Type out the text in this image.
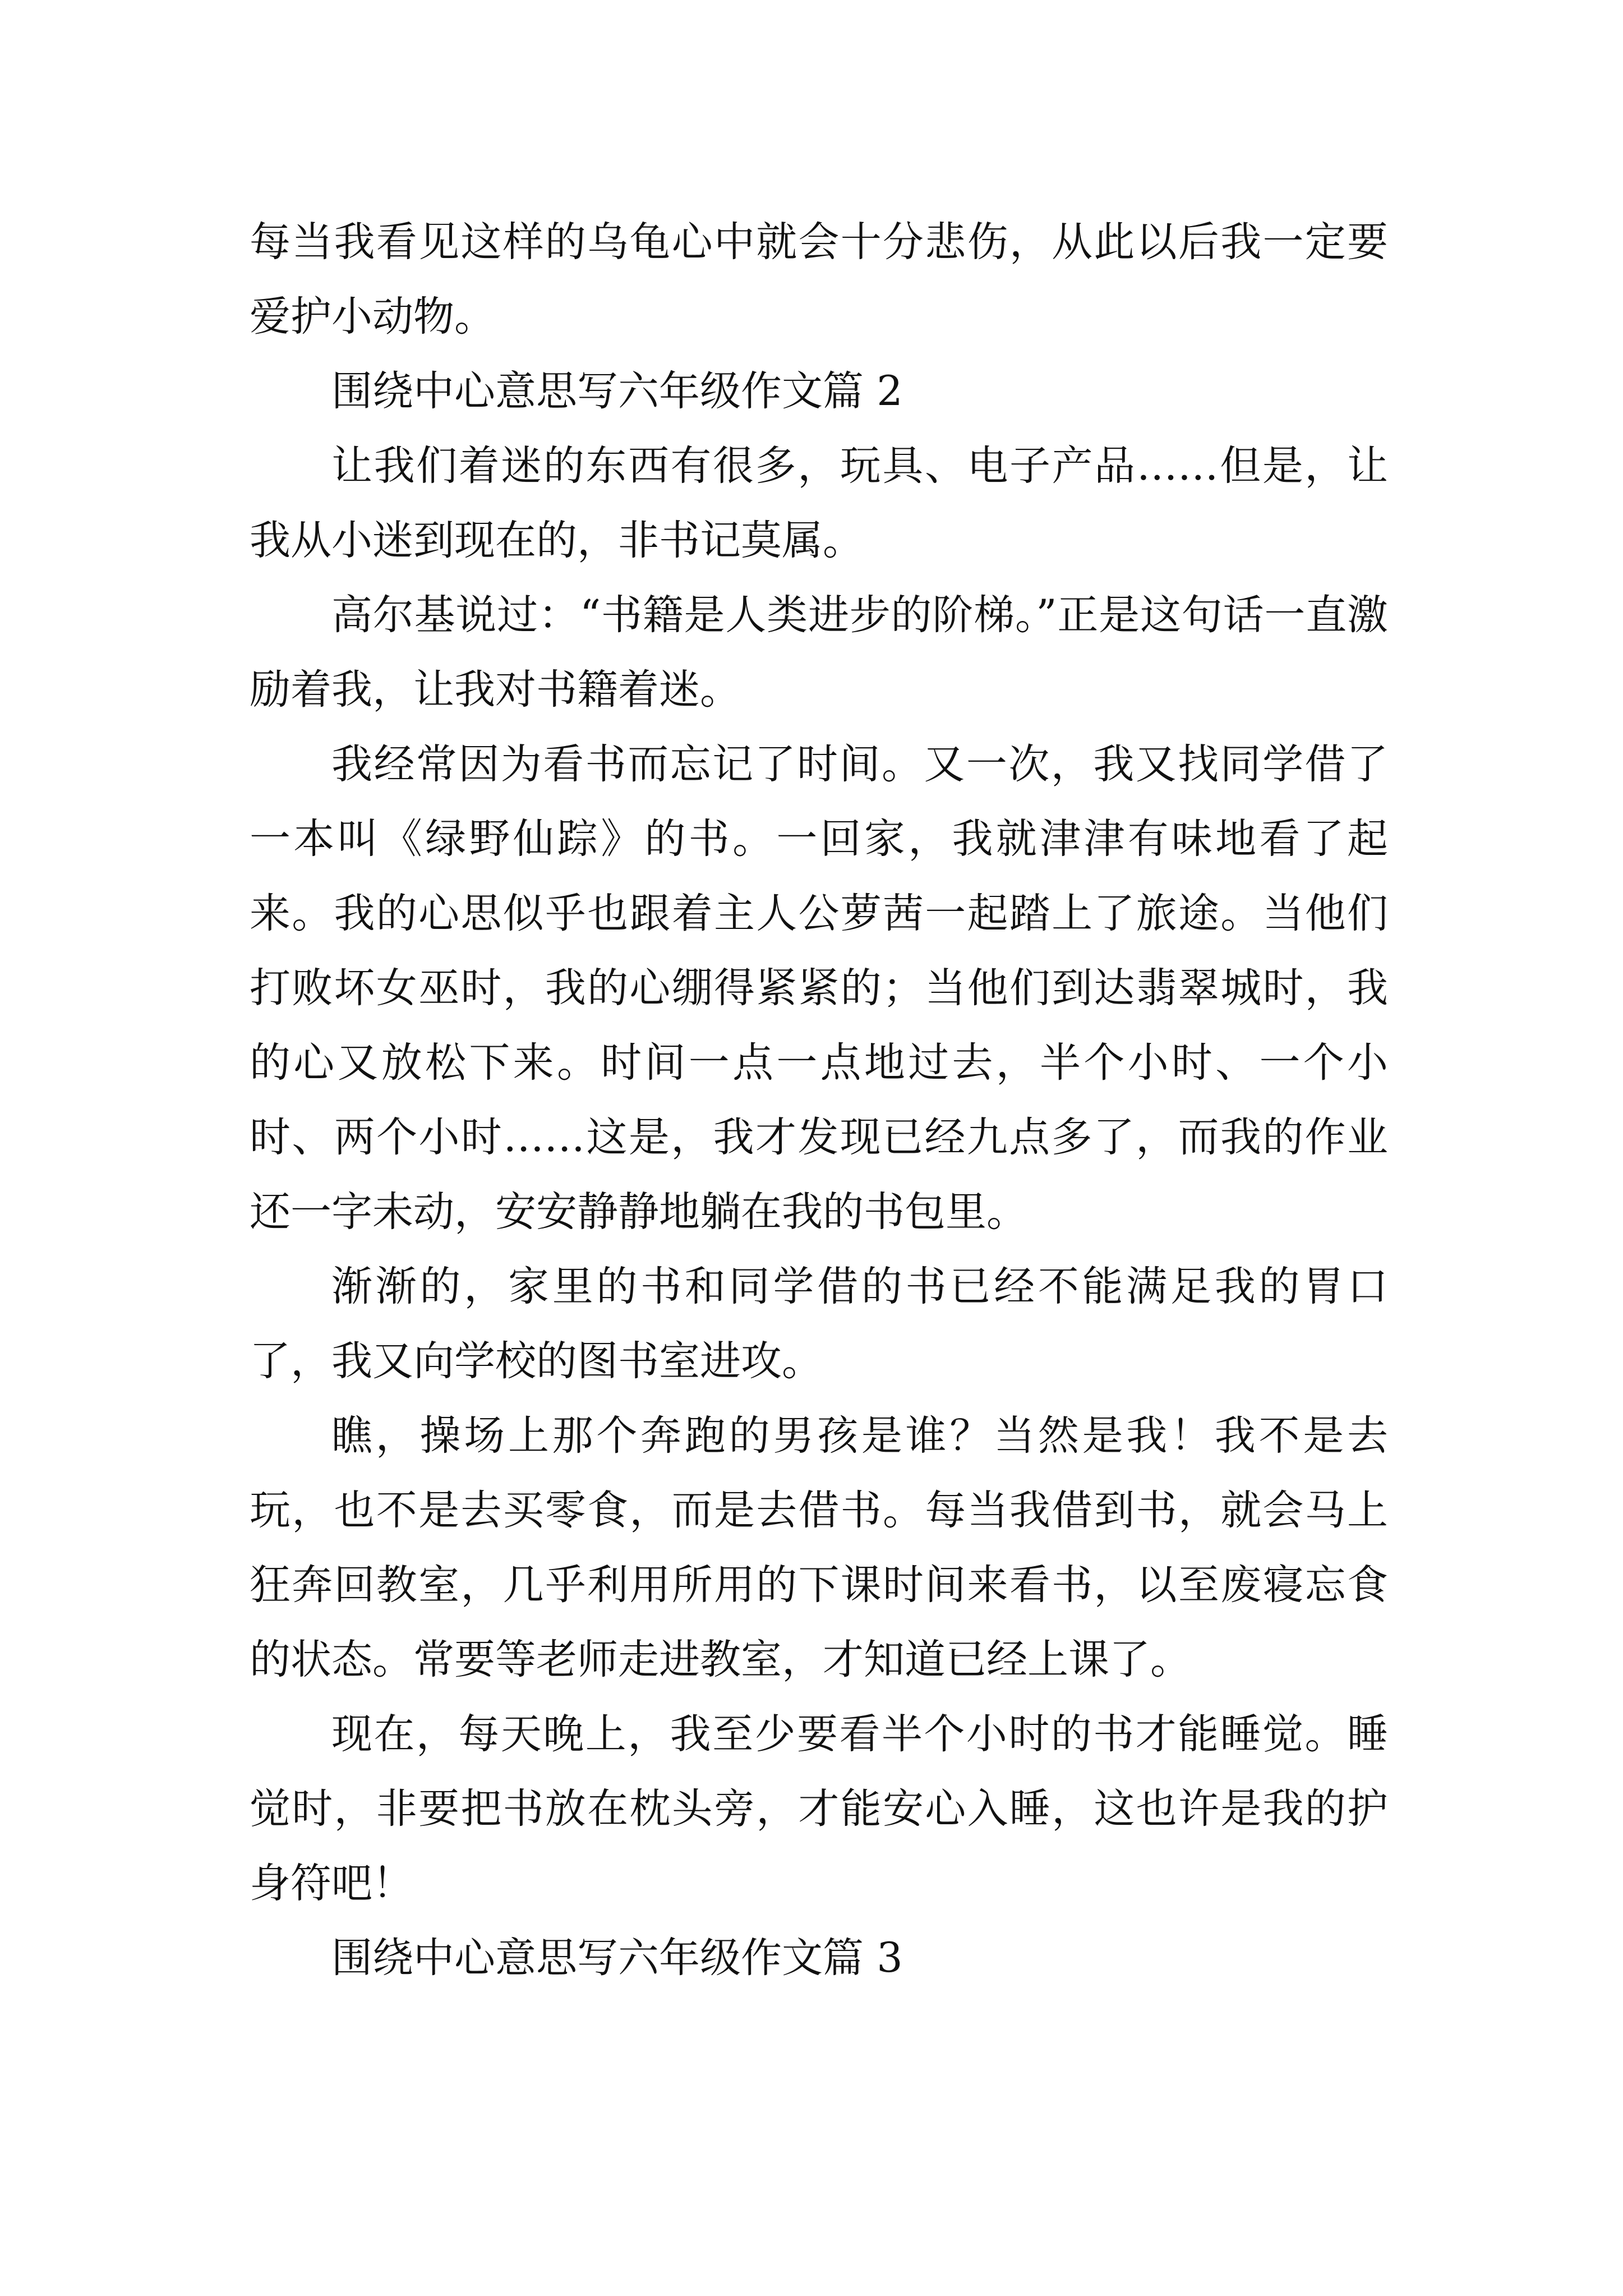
每当我看见这样的乌龟心中就会十分悲伤，从此以后我一定要爱护小动物。

围绕中心意思写六年级作文篇 2

让我们着迷的东西有很多，玩具、电子产品……但是，让我从小迷到现在的，非书记莫属。

高尔基说过：“书籍是人类进步的阶梯。”正是这句话一直激励着我，让我对书籍着迷。

我经常因为看书而忘记了时间。又一次，我又找同学借了一本叫《绿野仙踪》的书。一回家，我就津津有味地看了起来。我的心思似乎也跟着主人公萝茜一起踏上了旅途。当他们打败坏女巫时，我的心绷得紧紧的；当他们到达翡翠城时，我的心又放松下来。时间一点一点地过去，半个小时、一个小时、两个小时……这是，我才发现已经九点多了，而我的作业还一字未动，安安静静地躺在我的书包里。

渐渐的，家里的书和同学借的书已经不能满足我的胃口了，我又向学校的图书室进攻。

瞧，操场上那个奔跑的男孩是谁？当然是我！我不是去玩，也不是去买零食，而是去借书。每当我借到书，就会马上狂奔回教室，几乎利用所用的下课时间来看书，以至废寝忘食的状态。常要等老师走进教室，才知道已经上课了。

现在，每天晚上，我至少要看半个小时的书才能睡觉。睡觉时，非要把书放在枕头旁，才能安心入睡，这也许是我的护身符吧！

围绕中心意思写六年级作文篇 3
